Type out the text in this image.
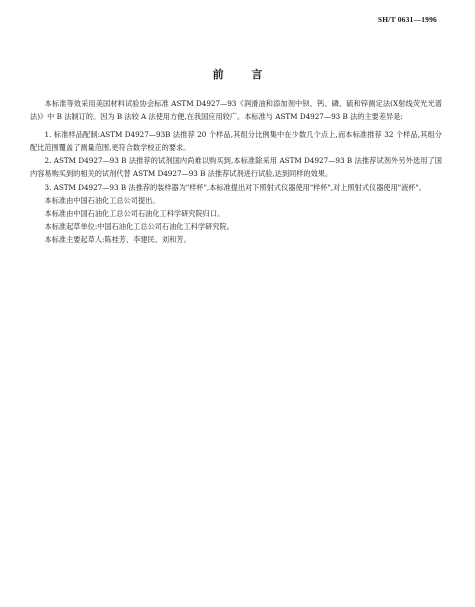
SH/T 0631—1996
前 言

本标准等效采用美国材料试验协会标准 ASTM D4927—93《润滑油和添加剂中钡、钙、磷、硫和锌测定法(X射线荧光光谱法)》中 B 法制订的。因为 B 法较 A 法使用方便,在我国应用较广。本标准与 ASTM D4927—93 B 法的主要差异是:

1. 标准样品配制:ASTM D4927—93B 法推荐 20 个样品,其组分比例集中在少数几个点上,而本标准推荐 32 个样品,其组分配比范围覆盖了测量范围,更符合数学校正的要求。

2. ASTM D4927—93 B 法推荐的试剂国内尚难以购买到,本标准除采用 ASTM D4927—93 B 法推荐试剂外另外选用了国内容易购买到的相关的试剂代替 ASTM D4927—93 B 法推荐试剂进行试验,达到同样的效果。

3. ASTM D4927—93 B 法推荐的装样器为"样杯",本标准提出对下照射式仪器使用"样杯",对上照射式仪器使用"液杯"。

本标准由中国石油化工总公司提出。

本标准由中国石油化工总公司石油化工科学研究院归口。

本标准起草单位:中国石油化工总公司石油化工科学研究院。

本标准主要起草人:陈桂芳、李建民、刘和芳。
